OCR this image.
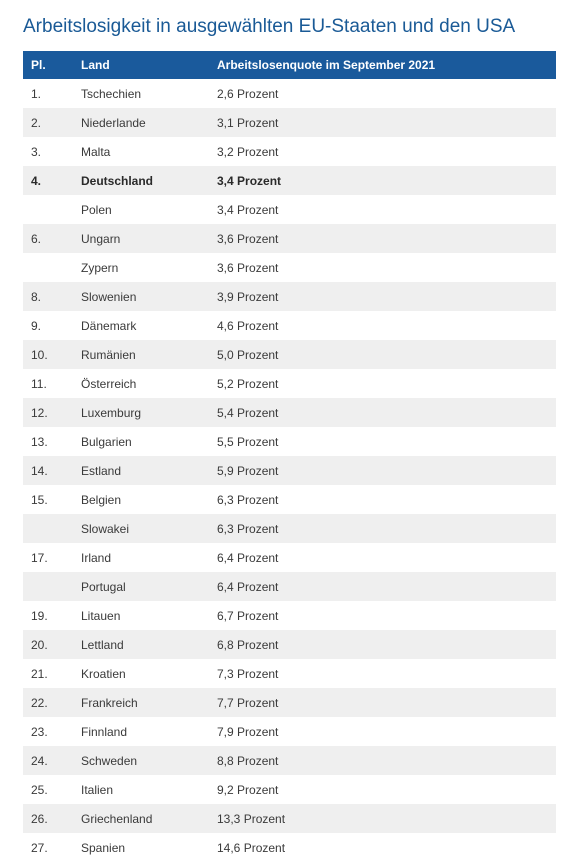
Arbeitslosigkeit in ausgewählten EU-Staaten und den USA
Pl.	Land	Arbeitslosenquote im September 2021
1.	Tschechien	2,6 Prozent
2.	Niederlande	3,1 Prozent
3.	Malta	3,2 Prozent
4.	Deutschland	3,4 Prozent
	Polen	3,4 Prozent
6.	Ungarn	3,6 Prozent
	Zypern	3,6 Prozent
8.	Slowenien	3,9 Prozent
9.	Dänemark	4,6 Prozent
10.	Rumänien	5,0 Prozent
11.	Österreich	5,2 Prozent
12.	Luxemburg	5,4 Prozent
13.	Bulgarien	5,5 Prozent
14.	Estland	5,9 Prozent
15.	Belgien	6,3 Prozent
	Slowakei	6,3 Prozent
17.	Irland	6,4 Prozent
	Portugal	6,4 Prozent
19.	Litauen	6,7 Prozent
20.	Lettland	6,8 Prozent
21.	Kroatien	7,3 Prozent
22.	Frankreich	7,7 Prozent
23.	Finnland	7,9 Prozent
24.	Schweden	8,8 Prozent
25.	Italien	9,2 Prozent
26.	Griechenland	13,3 Prozent
27.	Spanien	14,6 Prozent
